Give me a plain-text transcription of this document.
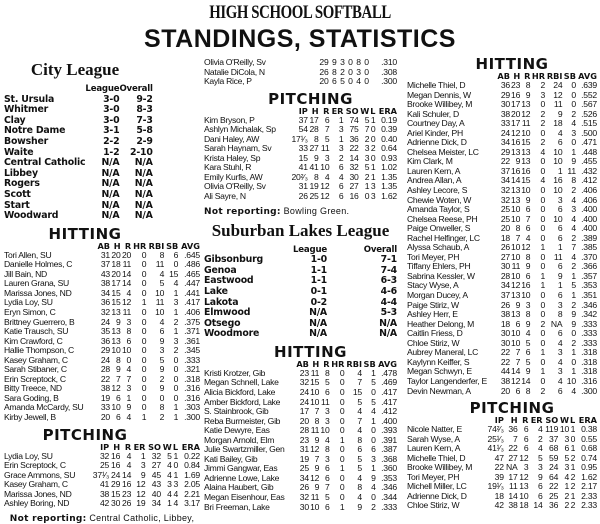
HIGH SCHOOL SOFTBALL
STANDINGS, STATISTICS
City League
	League	Overall
St. Ursula	3-0	9-2
Whitmer	3-0	8-3
Clay	3-0	7-3
Notre Dame	3-1	5-8
Bowsher	2-2	2-9
Waite	1-2	2-10
Central Catholic	N/A	N/A
Libbey	N/A	N/A
Rogers	N/A	N/A
Scott	N/A	N/A
Start	N/A	N/A
Woodward	N/A	N/A
HITTING
	AB	H	R	HR	RBI	SB	AVG
Tori Allen, SU	31	20	20	0	8	6	.645
Danielle Holmes, C	37	18	11	0	11	0	.486
Jill Bain, ND	43	20	14	0	4	15	.465
Lauren Grana, SU	38	17	14	0	5	4	.447
Marissa Jones, ND	34	15	4	0	10	1	.441
Lydia Loy, SU	36	15	12	1	11	3	.417
Eryn Simon, C	32	13	11	0	10	1	.406
Brittney Guerrero, B	24	9	3	0	4	2	.375
Katie Trausch, SU	35	13	8	0	6	1	.371
Kim Crawford, C	36	13	6	0	9	3	.361
Hallie Thompson, C	29	10	10	0	3	2	.345
Kasey Graham, C	24	8	0	0	5	0	.333
Sarah Stibaner, C	28	9	4	0	9	0	.321
Erin Screptock, C	22	7	7	0	2	0	.318
Bitty Treece, ND	38	12	3	0	9	0	.316
Sara Goding, B	19	6	1	0	0	0	.316
Amanda McCardy, SU	33	10	9	0	8	1	.303
Kirby Jewell, B	20	6	4	1	2	1	.300
PITCHING
	IP	H	R	ER	SO	W	L	ERA
Lydia Loy, SU	32	16	4	1	32	5	1	0.22
Erin Screptock, C	25	16	4	3	27	4	0	0.84
Grace Ammons, SU	37¹⁄₃	24	14	9	45	4	1	1.69
Kasey Graham, C	41	29	16	12	43	3	3	2.05
Marissa Jones, ND	38	15	23	12	40	4	4	2.21
Ashley Boring, ND	42	30	26	19	34	1	4	3.17
Not reporting: Central Catholic, Libbey,
Olivia O'Reilly, Sv	29	9	3	0	8	0	.310
Natalie DiCola, N	26	8	2	0	3	0	.308
Kayla Rice, P	20	6	5	0	4	0	.300
PITCHING
	IP	H	R	ER	SO	W	L	ERA
Kim Bryson, P	37	17	6	1	74	5	1	0.19
Ashlyn Michalak, Sp	54	28	7	3	75	7	0	0.39
Dani Haley, AW	17¹⁄₃	8	5	1	36	2	0	0.40
Sarah Haynam, Sv	33	27	11	3	22	3	2	0.64
Krista Haley, Sp	15	9	3	2	14	3	0	0.93
Kara Stuhl, R	41	41	10	6	32	5	1	1.02
Emily Kurfis, AW	20²⁄₃	8	4	4	30	2	1	1.35
Olivia O'Reilly, Sv	31	19	12	6	27	1	3	1.35
Ali Sayre, N	26	25	12	6	16	0	3	1.62
Not reporting: Bowling Green.
Suburban Lakes League
	League	Overall
Gibsonburg	1-0	7-1
Genoa	1-1	7-4
Eastwood	1-1	6-3
Lake	0-1	4-6
Lakota	0-2	4-4
Elmwood	N/A	5-3
Otsego	N/A	N/A
Woodmore	N/A	N/A
HITTING
	AB	H	R	HR	RBI	SB	AVG
Kristi Krotzer, Gib	23	11	8	0	4	1	.478
Megan Schnell, Lake	32	15	5	0	7	5	.469
Alicia Bickford, Lake	24	10	6	0	15	0	.417
Amber Bickford, Lake	24	10	11	0	5	5	.417
S. Stainbrook, Gib	17	7	3	0	4	4	.412
Reba Burmeister, Gib	20	8	3	0	7	1	.400
Katie Dewyre, Eas	28	11	10	0	4	0	.393
Morgan Arnold, Elm	23	9	4	1	8	0	.391
Julie Swartzmiller, Gen	31	12	8	0	6	6	.387
Kati Bailey, Gib	19	7	3	0	5	3	.368
Jimmi Gangwar, Eas	25	9	6	1	5	1	.360
Adrienne Lowe, Lake	34	12	6	0	4	9	.353
Alaina Haubert, Gib	26	9	7	0	8	4	.346
Megan Eisenhour, Eas	32	11	5	0	4	0	.344
Bri Freeman, Lake	30	10	6	1	9	2	.333
HITTING
	AB	H	R	HR	RBI	SB	AVG
Michelle Thiel, D	36	23	8	2	24	0	.639
Megan Dennis, W	29	16	9	3	12	0	.552
Brooke Willibey, M	30	17	13	0	11	0	.567
Kali Schuler, D	38	20	12	2	9	2	.526
Courtney Day, A	33	17	11	2	18	4	.515
Ariel Kinder, PH	24	12	10	0	4	3	.500
Adrienne Dick, D	34	16	15	2	6	0	.471
Chelsea Meister, LC	29	13	13	4	10	1	.448
Kim Clark, M	22	9	13	0	10	9	.455
Lauren Kern, A	37	16	16	0	1	11	.432
Andrea Allan, A	34	14	15	4	16	8	.412
Ashley Lecore, S	32	13	10	0	10	2	.406
Chewie Woten, W	32	13	9	0	3	4	.406
Amanda Taylor, S	25	10	6	0	6	3	.400
Chelsea Reese, PH	25	10	7	0	10	4	.400
Paige Onweller, S	20	8	6	0	6	4	.400
Rachel Helfinger, LC	18	7	4	0	6	2	.389
Alyssa Schaub, A	26	10	12	1	1	7	.385
Tori Meyer, PH	27	10	8	0	11	4	.370
Tiffany Ehlers, PH	30	11	9	0	6	2	.366
Sabrina Kessler, W	28	10	6	1	9	1	.357
Stacy Wyse, A	34	12	16	1	1	5	.353
Morgan Ducey, A	37	13	10	0	6	1	.351
Paige Stiriz, W	26	9	3	0	3	2	.346
Ashley Herr, E	38	13	8	0	8	9	.342
Heather Delong, M	18	6	9	2	NA	9	.333
Caitlin Friess, D	30	10	4	0	6	0	.333
Chloe Stiriz, W	30	10	5	0	4	2	.333
Aubrey Maneral, LC	22	7	6	1	3	1	.318
Kaylynn Keiffer, S	22	7	5	0	4	0	.318
Megan Schwyn, E	44	14	9	1	3	1	.318
Taylor Langenderfer, E	38	12	14	0	4	10	.316
Devin Newman, A	20	6	8	2	6	4	.300
PITCHING
	IP	H	R	ER	SO	W	L	ERA
Nicole Natter, E	74²⁄₃	36	6	4	119	10	1	0.38
Sarah Wyse, A	25¹⁄₃	7	6	2	37	3	0	0.55
Lauren Kern, A	41¹⁄₃	22	6	4	68	6	1	0.68
Michelle Thiel, D	47	27	12	5	59	5	2	0.74
Brooke Willibey, M	22	NA	3	3	24	3	1	0.95
Tori Meyer, PH	39	17	12	9	64	4	2	1.62
Michell Miller, LC	19¹⁄₃	11	13	6	22	1	2	2.17
Adrienne Dick, D	18	14	10	6	25	2	1	2.33
Chloe Stiriz, W	42	38	18	14	36	2	2	2.33
